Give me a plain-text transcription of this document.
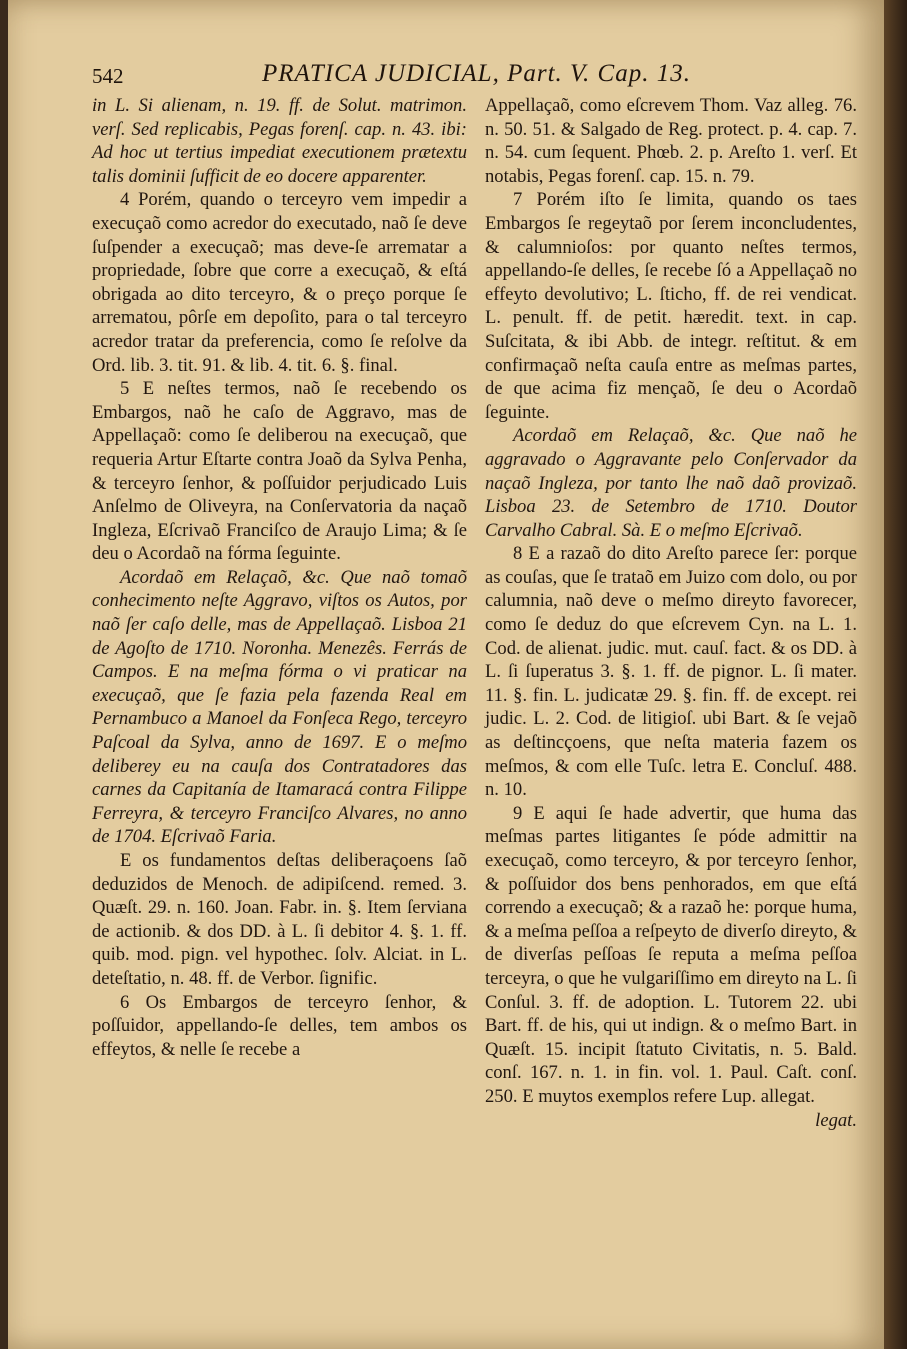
542	PRATICA JUDICIAL, Part. V. Cap. 13.

in L. Si alienam, n. 19. ff. de Solut. matrimon. verſ. Sed replicabis, Pegas forenſ. cap. n. 43. ibi: Ad hoc ut tertius impediat executionem prætextu talis dominii ſufficit de eo docere apparenter.

4 Porém, quando o terceyro vem impedir a execuçaõ como acredor do executado, naõ ſe deve ſuſpender a execuçaõ; mas deve-ſe arrematar a propriedade, ſobre que corre a execuçaõ, & eſtá obrigada ao dito terceyro, & o preço porque ſe arrematou, pôrſe em depoſito, para o tal terceyro acredor tratar da preferencia, como ſe reſolve da Ord. lib. 3. tit. 91. & lib. 4. tit. 6. §. final.

5 E neſtes termos, naõ ſe recebendo os Embargos, naõ he caſo de Aggravo, mas de Appellaçaõ: como ſe deliberou na execuçaõ, que requeria Artur Eſtarte contra Joaõ da Sylva Penha, & terceyro ſenhor, & poſſuidor perjudicado Luis Anſelmo de Oliveyra, na Conſervatoria da naçaõ Ingleza, Eſcrivaõ Franciſco de Araujo Lima; & ſe deu o Acordaõ na fórma ſeguinte.

Acordaõ em Relaçaõ, &c. Que naõ tomaõ conhecimento neſte Aggravo, viſtos os Autos, por naõ ſer caſo delle, mas de Appellaçaõ. Lisboa 21 de Agoſto de 1710. Noronha. Menezês. Ferrás de Campos. E na meſma fórma o vi praticar na execuçaõ, que ſe fazia pela fazenda Real em Pernambuco a Manoel da Fonſeca Rego, terceyro Paſcoal da Sylva, anno de 1697. E o meſmo deliberey eu na cauſa dos Contratadores das carnes da Capitanía de Itamaracá contra Filippe Ferreyra, & terceyro Franciſco Alvares, no anno de 1704. Eſcrivaõ Faria.

E os fundamentos deſtas deliberaçoens ſaõ deduzidos de Menoch. de adipiſcend. remed. 3. Quæſt. 29. n. 160. Joan. Fabr. in. §. Item ſerviana de actionib. & dos DD. à L. ſi debitor 4. §. 1. ff. quib. mod. pign. vel hypothec. ſolv. Alciat. in L. deteſtatio, n. 48. ff. de Verbor. ſignific.

6 Os Embargos de terceyro ſenhor, & poſſuidor, appellando-ſe delles, tem ambos os effeytos, & nelle ſe recebe a

Appellaçaõ, como eſcrevem Thom. Vaz alleg. 76. n. 50. 51. & Salgado de Reg. protect. p. 4. cap. 7. n. 54. cum ſequent. Phœb. 2. p. Areſto 1. verſ. Et notabis, Pegas forenſ. cap. 15. n. 79.

7 Porém iſto ſe limita, quando os taes Embargos ſe regeytaõ por ſerem inconcludentes, & calumnioſos: por quanto neſtes termos, appellando-ſe delles, ſe recebe ſó a Appellaçaõ no effeyto devolutivo; L. ſticho, ff. de rei vendicat. L. penult. ff. de petit. hæredit. text. in cap. Suſcitata, & ibi Abb. de integr. reſtitut. & em confirmaçaõ neſta cauſa entre as meſmas partes, de que acima fiz mençaõ, ſe deu o Acordaõ ſeguinte.

Acordaõ em Relaçaõ, &c. Que naõ he aggravado o Aggravante pelo Conſervador da naçaõ Ingleza, por tanto lhe naõ daõ provizaõ. Lisboa 23. de Setembro de 1710. Doutor Carvalho Cabral. Sà. E o meſmo Eſcrivaõ.

8 E a razaõ do dito Areſto parece ſer: porque as couſas, que ſe trataõ em Juizo com dolo, ou por calumnia, naõ deve o meſmo direyto favorecer, como ſe deduz do que eſcrevem Cyn. na L. 1. Cod. de alienat. judic. mut. cauſ. fact. & os DD. à L. ſi ſuperatus 3. §. 1. ff. de pignor. L. ſi mater. 11. §. fin. L. judicatæ 29. §. fin. ff. de except. rei judic. L. 2. Cod. de litigioſ. ubi Bart. & ſe vejaõ as deſtincçoens, que neſta materia fazem os meſmos, & com elle Tuſc. letra E. Concluſ. 488. n. 10.

9 E aqui ſe hade advertir, que huma das meſmas partes litigantes ſe póde admittir na execuçaõ, como terceyro, & por terceyro ſenhor, & poſſuidor dos bens penhorados, em que eſtá correndo a execuçaõ; & a razaõ he: porque huma, & a meſma peſſoa a reſpeyto de diverſo direyto, & de diverſas peſſoas ſe reputa a meſma peſſoa terceyra, o que he vulgariſſimo em direyto na L. ſi Conſul. 3. ff. de adoption. L. Tutorem 22. ubi Bart. ff. de his, qui ut indign. & o meſmo Bart. in Quæſt. 15. incipit ſtatuto Civitatis, n. 5. Bald. conſ. 167. n. 1. in fin. vol. 1. Paul. Caſt. conſ. 250. E muytos exemplos refere Lup. allegat.

legat.
